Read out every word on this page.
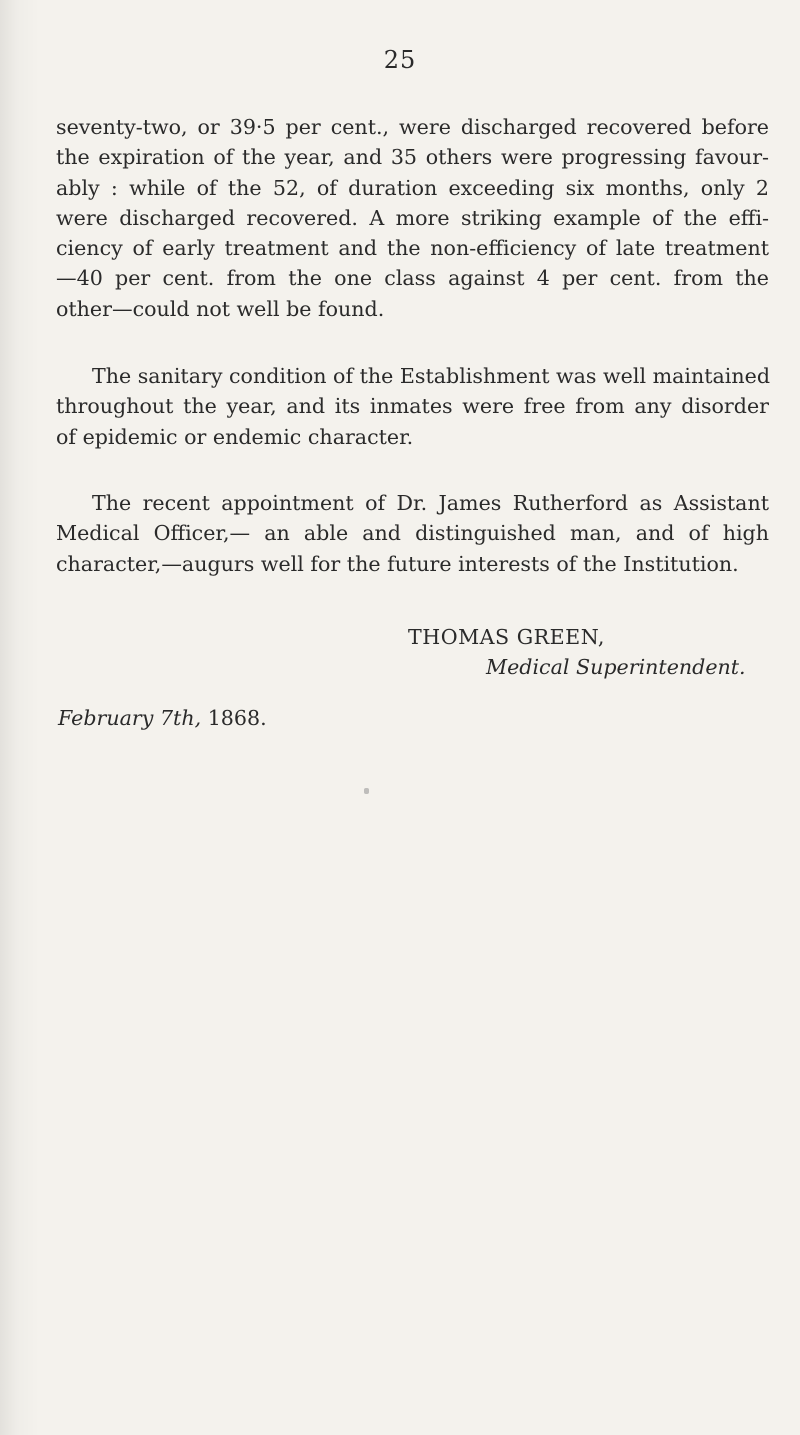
25
seventy-two, or 39·5 per cent., were discharged recovered before
the expiration of the year, and 35 others were progressing favour-
ably : while of the 52, of duration exceeding six months, only 2
were discharged recovered. A more striking example of the effi-
ciency of early treatment and the non-efficiency of late treatment
—40 per cent. from the one class against 4 per cent. from the
other—could not well be found.
The sanitary condition of the Establishment was well maintained
throughout the year, and its inmates were free from any disorder
of epidemic or endemic character.
The recent appointment of Dr. James Rutherford as Assistant
Medical Officer,— an able and distinguished man, and of high
character,—augurs well for the future interests of the Institution.
THOMAS GREEN,
Medical Superintendent.
February 7th, 1868.
